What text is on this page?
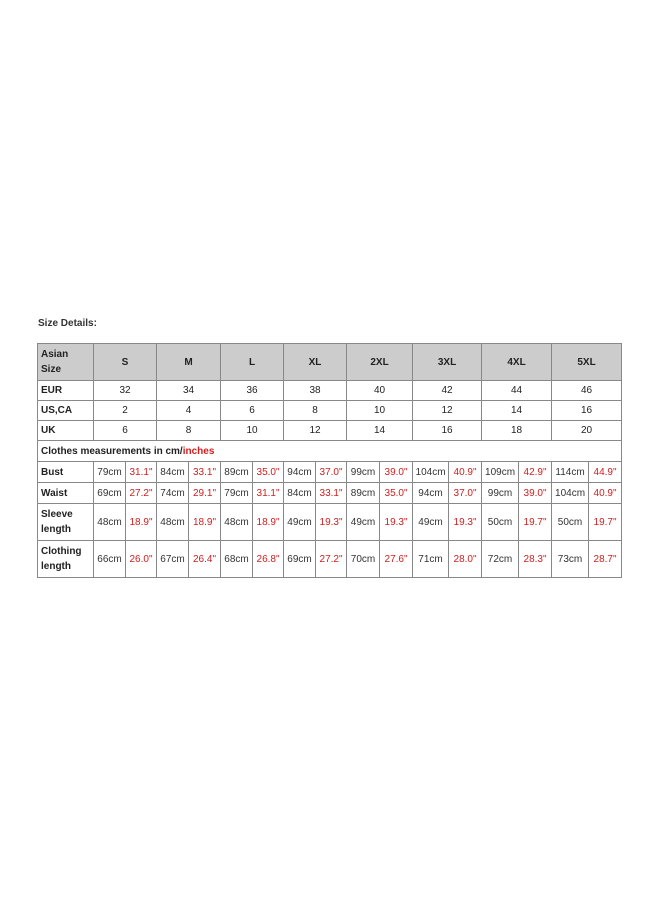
Size Details:
Asian Size	S		M		L		XL		2XL		3XL		4XL		5XL	
EUR	32		34		36		38		40		42		44		46	
US,CA	2		4		6		8		10		12		14		16	
UK	6		8		10		12		14		16		18		20	
Clothes measurements in cm/inches																
Bust	79cm	31.1"	84cm	33.1"	89cm	35.0"	94cm	37.0"	99cm	39.0"	104cm	40.9"	109cm	42.9"	114cm	44.9"
Waist	69cm	27.2"	74cm	29.1"	79cm	31.1"	84cm	33.1"	89cm	35.0"	94cm	37.0"	99cm	39.0"	104cm	40.9"
Sleeve length	48cm	18.9"	48cm	18.9"	48cm	18.9"	49cm	19.3"	49cm	19.3"	49cm	19.3"	50cm	19.7"	50cm	19.7"
Clothing length	66cm	26.0"	67cm	26.4"	68cm	26.8"	69cm	27.2"	70cm	27.6"	71cm	28.0"	72cm	28.3"	73cm	28.7"
